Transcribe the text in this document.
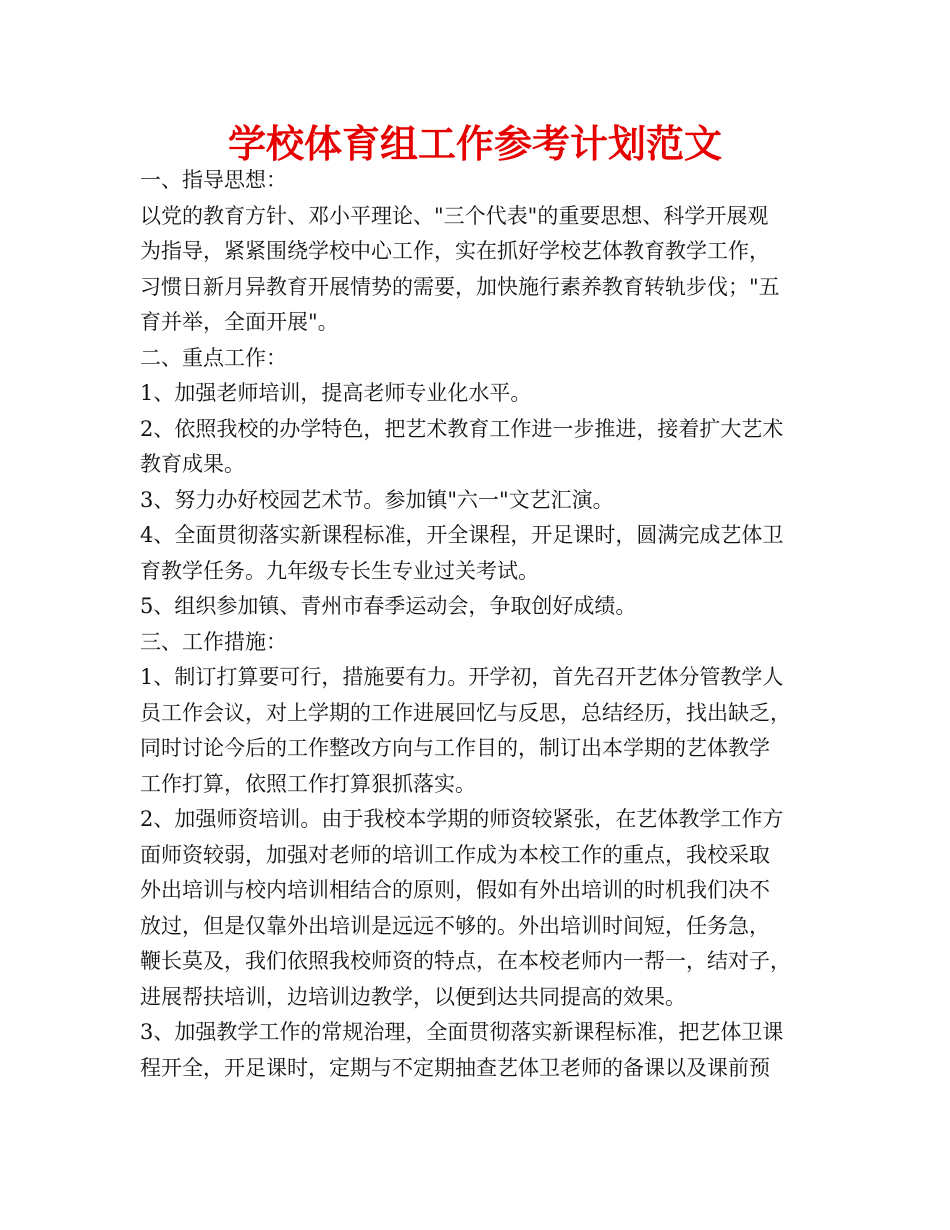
学校体育组工作参考计划范文
一、指导思想：
以党的教育方针、邓小平理论、"三个代表"的重要思想、科学开展观
为指导，紧紧围绕学校中心工作，实在抓好学校艺体教育教学工作，
习惯日新月异教育开展情势的需要，加快施行素养教育转轨步伐；"五
育并举，全面开展"。
二、重点工作：
1、加强老师培训，提高老师专业化水平。
2、依照我校的办学特色，把艺术教育工作进一步推进，接着扩大艺术
教育成果。
3、努力办好校园艺术节。参加镇"六一"文艺汇演。
4、全面贯彻落实新课程标准，开全课程，开足课时，圆满完成艺体卫
育教学任务。九年级专长生专业过关考试。
5、组织参加镇、青州市春季运动会，争取创好成绩。
三、工作措施：
1、制订打算要可行，措施要有力。开学初，首先召开艺体分管教学人
员工作会议，对上学期的工作进展回忆与反思，总结经历，找出缺乏，
同时讨论今后的工作整改方向与工作目的，制订出本学期的艺体教学
工作打算，依照工作打算狠抓落实。
2、加强师资培训。由于我校本学期的师资较紧张，在艺体教学工作方
面师资较弱，加强对老师的培训工作成为本校工作的重点，我校采取
外出培训与校内培训相结合的原则，假如有外出培训的时机我们决不
放过，但是仅靠外出培训是远远不够的。外出培训时间短，任务急，
鞭长莫及，我们依照我校师资的特点，在本校老师内一帮一，结对子，
进展帮扶培训，边培训边教学，以便到达共同提高的效果。
3、加强教学工作的常规治理，全面贯彻落实新课程标准，把艺体卫课
程开全，开足课时，定期与不定期抽查艺体卫老师的备课以及课前预
